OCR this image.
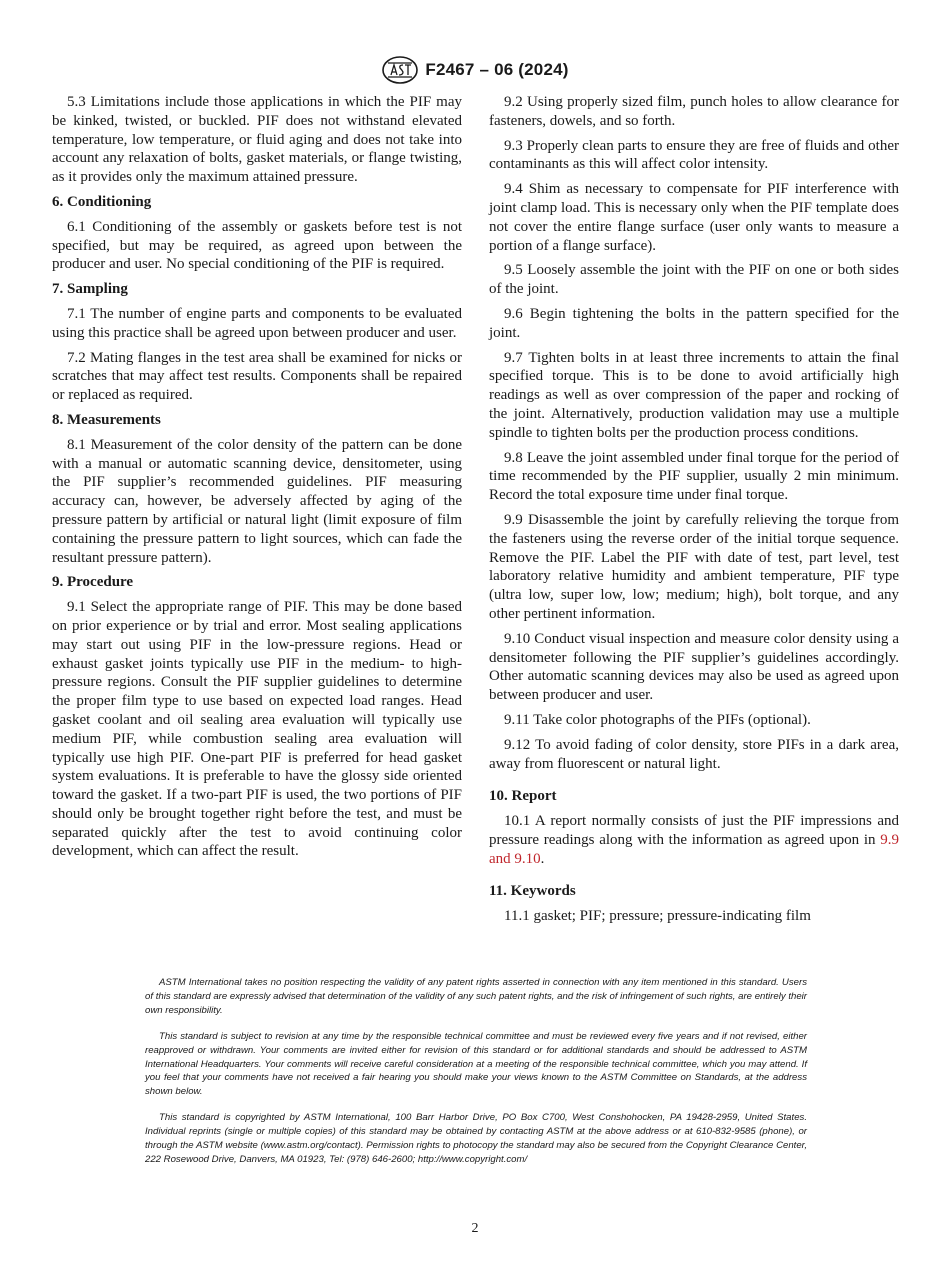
F2467 – 06 (2024)

5.3 Limitations include those applications in which the PIF may be kinked, twisted, or buckled. PIF does not withstand elevated temperature, low temperature, or fluid aging and does not take into account any relaxation of bolts, gasket materials, or flange twisting, as it provides only the maximum attained pressure.

6. Conditioning

6.1 Conditioning of the assembly or gaskets before test is not specified, but may be required, as agreed upon between the producer and user. No special conditioning of the PIF is required.

7. Sampling

7.1 The number of engine parts and components to be evaluated using this practice shall be agreed upon between producer and user.

7.2 Mating flanges in the test area shall be examined for nicks or scratches that may affect test results. Components shall be repaired or replaced as required.

8. Measurements

8.1 Measurement of the color density of the pattern can be done with a manual or automatic scanning device, densitometer, using the PIF supplier’s recommended guidelines. PIF measuring accuracy can, however, be adversely affected by aging of the pressure pattern by artificial or natural light (limit exposure of film containing the pressure pattern to light sources, which can fade the resultant pressure pattern).

9. Procedure

9.1 Select the appropriate range of PIF. This may be done based on prior experience or by trial and error. Most sealing applications may start out using PIF in the low-pressure regions. Head or exhaust gasket joints typically use PIF in the medium- to high-pressure regions. Consult the PIF supplier guidelines to determine the proper film type to use based on expected load ranges. Head gasket coolant and oil sealing area evaluation will typically use medium PIF, while combustion sealing area evaluation will typically use high PIF. One-part PIF is preferred for head gasket system evaluations. It is preferable to have the glossy side oriented toward the gasket. If a two-part PIF is used, the two portions of PIF should only be brought together right before the test, and must be separated quickly after the test to avoid continuing color development, which can affect the result.

9.2 Using properly sized film, punch holes to allow clearance for fasteners, dowels, and so forth.

9.3 Properly clean parts to ensure they are free of fluids and other contaminants as this will affect color intensity.

9.4 Shim as necessary to compensate for PIF interference with joint clamp load. This is necessary only when the PIF template does not cover the entire flange surface (user only wants to measure a portion of a flange surface).

9.5 Loosely assemble the joint with the PIF on one or both sides of the joint.

9.6 Begin tightening the bolts in the pattern specified for the joint.

9.7 Tighten bolts in at least three increments to attain the final specified torque. This is to be done to avoid artificially high readings as well as over compression of the paper and rocking of the joint. Alternatively, production validation may use a multiple spindle to tighten bolts per the production process conditions.

9.8 Leave the joint assembled under final torque for the period of time recommended by the PIF supplier, usually 2 min minimum. Record the total exposure time under final torque.

9.9 Disassemble the joint by carefully relieving the torque from the fasteners using the reverse order of the initial torque sequence. Remove the PIF. Label the PIF with date of test, part level, test laboratory relative humidity and ambient temperature, PIF type (ultra low, super low, low; medium; high), bolt torque, and any other pertinent information.

9.10 Conduct visual inspection and measure color density using a densitometer following the PIF supplier’s guidelines accordingly. Other automatic scanning devices may also be used as agreed upon between producer and user.

9.11 Take color photographs of the PIFs (optional).

9.12 To avoid fading of color density, store PIFs in a dark area, away from fluorescent or natural light.

10. Report

10.1 A report normally consists of just the PIF impressions and pressure readings along with the information as agreed upon in 9.9 and 9.10.

11. Keywords

11.1 gasket; PIF; pressure; pressure-indicating film

ASTM International takes no position respecting the validity of any patent rights asserted in connection with any item mentioned in this standard. Users of this standard are expressly advised that determination of the validity of any such patent rights, and the risk of infringement of such rights, are entirely their own responsibility.

This standard is subject to revision at any time by the responsible technical committee and must be reviewed every five years and if not revised, either reapproved or withdrawn. Your comments are invited either for revision of this standard or for additional standards and should be addressed to ASTM International Headquarters. Your comments will receive careful consideration at a meeting of the responsible technical committee, which you may attend. If you feel that your comments have not received a fair hearing you should make your views known to the ASTM Committee on Standards, at the address shown below.

This standard is copyrighted by ASTM International, 100 Barr Harbor Drive, PO Box C700, West Conshohocken, PA 19428-2959, United States. Individual reprints (single or multiple copies) of this standard may be obtained by contacting ASTM at the above address or at 610-832-9585 (phone), or through the ASTM website (www.astm.org/contact). Permission rights to photocopy the standard may also be secured from the Copyright Clearance Center, 222 Rosewood Drive, Danvers, MA 01923, Tel: (978) 646-2600; http://www.copyright.com/

2
